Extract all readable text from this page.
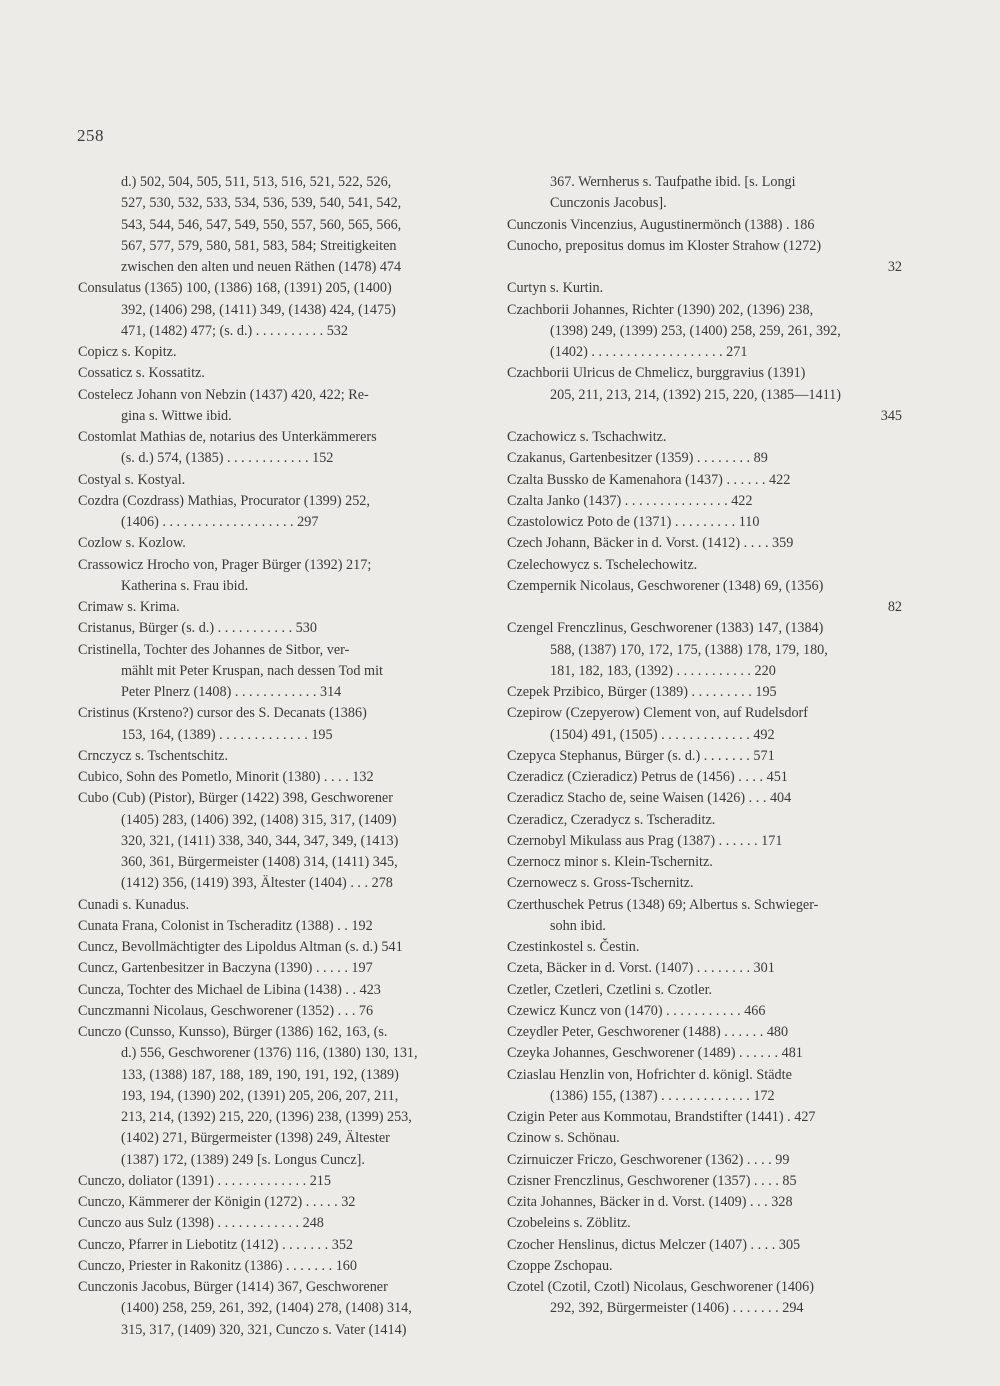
258
d.) 502, 504, 505, 511, 513, 516, 521, 522, 526,
527, 530, 532, 533, 534, 536, 539, 540, 541, 542,
543, 544, 546, 547, 549, 550, 557, 560, 565, 566,
567, 577, 579, 580, 581, 583, 584; Streitigkeiten
zwischen den alten und neuen Räthen (1478) 474
Consulatus (1365) 100, (1386) 168, (1391) 205, (1400)
392, (1406) 298, (1411) 349, (1438) 424, (1475)
471, (1482) 477; (s. d.) . . . . . . . . . . 532
Copicz s. Kopitz.
Cossaticz s. Kossatitz.
Costelecz Johann von Nebzin (1437) 420, 422; Re-
gina s. Wittwe ibid.
Costomlat Mathias de, notarius des Unterkämmerers
(s. d.) 574, (1385) . . . . . . . . . . . . 152
Costyal s. Kostyal.
Cozdra (Cozdrass) Mathias, Procurator (1399) 252,
(1406) . . . . . . . . . . . . . . . . . . . 297
Cozlow s. Kozlow.
Crassowicz Hrocho von, Prager Bürger (1392) 217;
Katherina s. Frau ibid.
Crimaw s. Krima.
Cristanus, Bürger (s. d.) . . . . . . . . . . . 530
Cristinella, Tochter des Johannes de Sitbor, ver-
mählt mit Peter Kruspan, nach dessen Tod mit
Peter Plnerz (1408) . . . . . . . . . . . . 314
Cristinus (Krsteno?) cursor des S. Decanats (1386)
153, 164, (1389) . . . . . . . . . . . . . 195
Crnczycz s. Tschentschitz.
Cubico, Sohn des Pometlo, Minorit (1380) . . . . 132
Cubo (Cub) (Pistor), Bürger (1422) 398, Geschworener
(1405) 283, (1406) 392, (1408) 315, 317, (1409)
320, 321, (1411) 338, 340, 344, 347, 349, (1413)
360, 361, Bürgermeister (1408) 314, (1411) 345,
(1412) 356, (1419) 393, Ältester (1404) . . . 278
Cunadi s. Kunadus.
Cunata Frana, Colonist in Tscheraditz (1388) . . 192
Cuncz, Bevollmächtigter des Lipoldus Altman (s. d.) 541
Cuncz, Gartenbesitzer in Baczyna (1390) . . . . . 197
Cuncza, Tochter des Michael de Libina (1438) . . 423
Cunczmanni Nicolaus, Geschworener (1352) . . . 76
Cunczo (Cunsso, Kunsso), Bürger (1386) 162, 163, (s.
d.) 556, Geschworener (1376) 116, (1380) 130, 131,
133, (1388) 187, 188, 189, 190, 191, 192, (1389)
193, 194, (1390) 202, (1391) 205, 206, 207, 211,
213, 214, (1392) 215, 220, (1396) 238, (1399) 253,
(1402) 271, Bürgermeister (1398) 249, Ältester
(1387) 172, (1389) 249 [s. Longus Cuncz].
Cunczo, doliator (1391) . . . . . . . . . . . . . 215
Cunczo, Kämmerer der Königin (1272) . . . . . 32
Cunczo aus Sulz (1398) . . . . . . . . . . . . 248
Cunczo, Pfarrer in Liebotitz (1412) . . . . . . . 352
Cunczo, Priester in Rakonitz (1386) . . . . . . . 160
Cunczonis Jacobus, Bürger (1414) 367, Geschworener
(1400) 258, 259, 261, 392, (1404) 278, (1408) 314,
315, 317, (1409) 320, 321, Cunczo s. Vater (1414)
367. Wernherus s. Taufpathe ibid. [s. Longi
Cunczonis Jacobus].
Cunczonis Vincenzius, Augustinermönch (1388) . 186
Cunocho, prepositus domus im Kloster Strahow (1272)
32
Curtyn s. Kurtin.
Czachborii Johannes, Richter (1390) 202, (1396) 238,
(1398) 249, (1399) 253, (1400) 258, 259, 261, 392,
(1402) . . . . . . . . . . . . . . . . . . . 271
Czachborii Ulricus de Chmelicz, burggravius (1391)
205, 211, 213, 214, (1392) 215, 220, (1385—1411)
345
Czachowicz s. Tschachwitz.
Czakanus, Gartenbesitzer (1359) . . . . . . . . 89
Czalta Bussko de Kamenahora (1437) . . . . . . 422
Czalta Janko (1437) . . . . . . . . . . . . . . . 422
Czastolowicz Poto de (1371) . . . . . . . . . 110
Czech Johann, Bäcker in d. Vorst. (1412) . . . . 359
Czelechowycz s. Tschelechowitz.
Czempernik Nicolaus, Geschworener (1348) 69, (1356)
82
Czengel Frenczlinus, Geschworener (1383) 147, (1384)
588, (1387) 170, 172, 175, (1388) 178, 179, 180,
181, 182, 183, (1392) . . . . . . . . . . . 220
Czepek Przibico, Bürger (1389) . . . . . . . . . 195
Czepirow (Czepyerow) Clement von, auf Rudelsdorf
(1504) 491, (1505) . . . . . . . . . . . . . 492
Czepyca Stephanus, Bürger (s. d.) . . . . . . . 571
Czeradicz (Czieradicz) Petrus de (1456) . . . . 451
Czeradicz Stacho de, seine Waisen (1426) . . . 404
Czeradicz, Czeradycz s. Tscheraditz.
Czernobyl Mikulass aus Prag (1387) . . . . . . 171
Czernocz minor s. Klein-Tschernitz.
Czernowecz s. Gross-Tschernitz.
Czerthuschek Petrus (1348) 69; Albertus s. Schwieger-
sohn ibid.
Czestinkostel s. Čestin.
Czeta, Bäcker in d. Vorst. (1407) . . . . . . . . 301
Czetler, Czetleri, Czetlini s. Czotler.
Czewicz Kuncz von (1470) . . . . . . . . . . . 466
Czeydler Peter, Geschworener (1488) . . . . . . 480
Czeyka Johannes, Geschworener (1489) . . . . . . 481
Cziaslau Henzlin von, Hofrichter d. königl. Städte
(1386) 155, (1387) . . . . . . . . . . . . . 172
Czigin Peter aus Kommotau, Brandstifter (1441) . 427
Czinow s. Schönau.
Czirnuiczer Friczo, Geschworener (1362) . . . . 99
Czisner Frenczlinus, Geschworener (1357) . . . . 85
Czita Johannes, Bäcker in d. Vorst. (1409) . . . 328
Czobeleins s. Zöblitz.
Czocher Henslinus, dictus Melczer (1407) . . . . 305
Czoppe Zschopau.
Czotel (Czotil, Czotl) Nicolaus, Geschworener (1406)
292, 392, Bürgermeister (1406) . . . . . . . 294
